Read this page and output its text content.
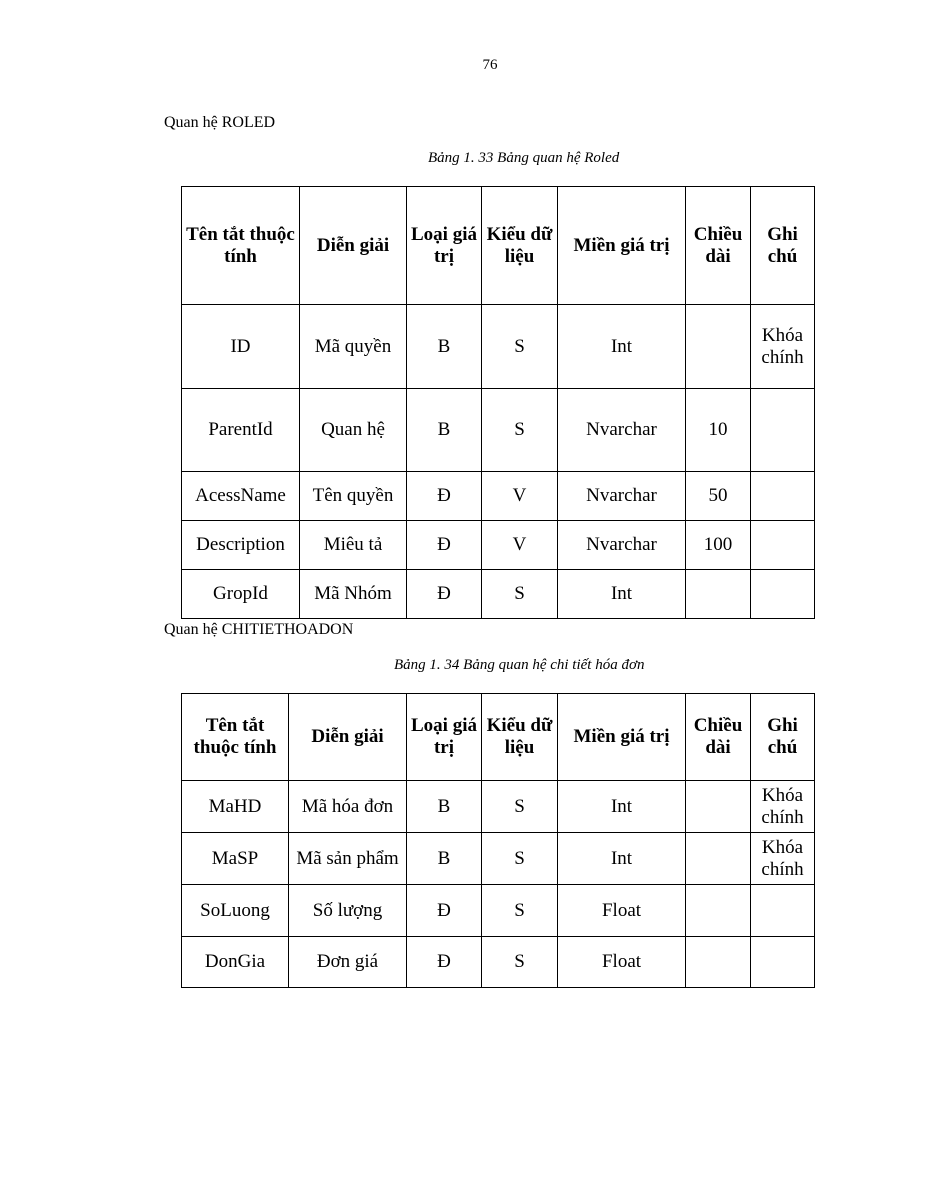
76
Quan hệ ROLED
Bảng 1. 33 Bảng quan hệ Roled
Tên tắt thuộc tính	Diễn giải	Loại giá trị	Kiểu dữ liệu	Miền giá trị	Chiều dài	Ghi chú
ID	Mã quyền	B	S	Int		Khóa chính
ParentId	Quan hệ	B	S	Nvarchar	10	
AcessName	Tên quyền	Đ	V	Nvarchar	50	
Description	Miêu tả	Đ	V	Nvarchar	100	
GropId	Mã Nhóm	Đ	S	Int		
Quan hệ CHITIETHOADON
Bảng 1. 34 Bảng quan hệ chi tiết hóa đơn
Tên tắt thuộc tính	Diễn giải	Loại giá trị	Kiểu dữ liệu	Miền giá trị	Chiều dài	Ghi chú
MaHD	Mã hóa đơn	B	S	Int		Khóa chính
MaSP	Mã sản phẩm	B	S	Int		Khóa chính
SoLuong	Số lượng	Đ	S	Float		
DonGia	Đơn giá	Đ	S	Float		
